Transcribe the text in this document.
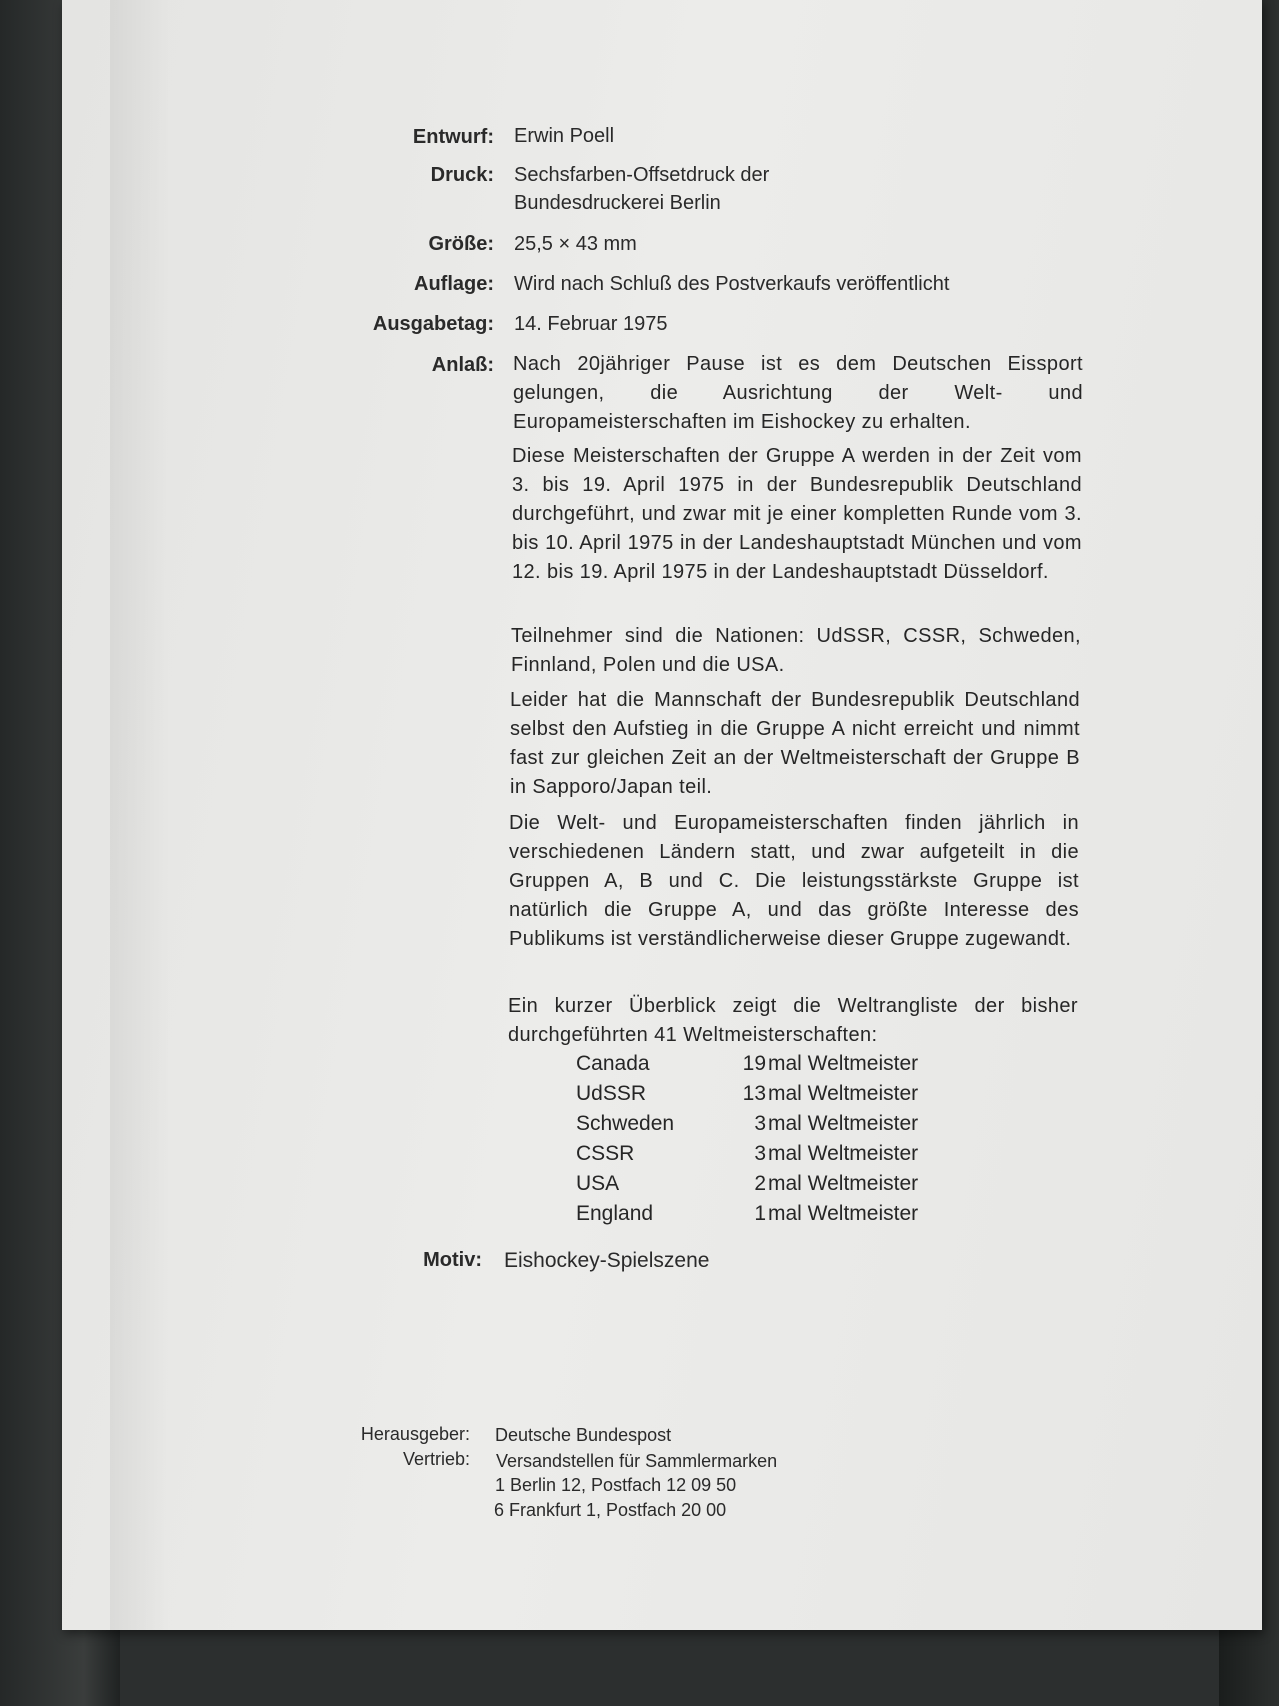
Entwurf: Erwin Poell
Druck: Sechsfarben-Offsetdruck der
Bundesdruckerei Berlin
Größe: 25,5 × 43 mm
Auflage: Wird nach Schluß des Postverkaufs veröffentlicht
Ausgabetag: 14. Februar 1975
Anlaß: Nach 20jähriger Pause ist es dem Deutschen Eissport gelungen, die Ausrichtung der Welt- und Europameisterschaften im Eishockey zu erhalten.
Diese Meisterschaften der Gruppe A werden in der Zeit vom 3. bis 19. April 1975 in der Bundesrepublik Deutschland durchgeführt, und zwar mit je einer kompletten Runde vom 3. bis 10. April 1975 in der Landeshauptstadt München und vom 12. bis 19. April 1975 in der Landeshauptstadt Düsseldorf.
Teilnehmer sind die Nationen: UdSSR, CSSR, Schweden, Finnland, Polen und die USA.
Leider hat die Mannschaft der Bundesrepublik Deutschland selbst den Aufstieg in die Gruppe A nicht erreicht und nimmt fast zur gleichen Zeit an der Weltmeisterschaft der Gruppe B in Sapporo/Japan teil.
Die Welt- und Europameisterschaften finden jährlich in verschiedenen Ländern statt, und zwar aufgeteilt in die Gruppen A, B und C. Die leistungsstärkste Gruppe ist natürlich die Gruppe A, und das größte Interesse des Publikums ist verständlicherweise dieser Gruppe zugewandt.
Ein kurzer Überblick zeigt die Weltrangliste der bisher durchgeführten 41 Weltmeisterschaften:
Canada	19 mal Weltmeister
UdSSR	13 mal Weltmeister
Schweden	3 mal Weltmeister
CSSR	3 mal Weltmeister
USA	2 mal Weltmeister
England	1 mal Weltmeister
Motiv: Eishockey-Spielszene
Herausgeber: Deutsche Bundespost
Vertrieb: Versandstellen für Sammlermarken
1 Berlin 12, Postfach 12 09 50
6 Frankfurt 1, Postfach 20 00
